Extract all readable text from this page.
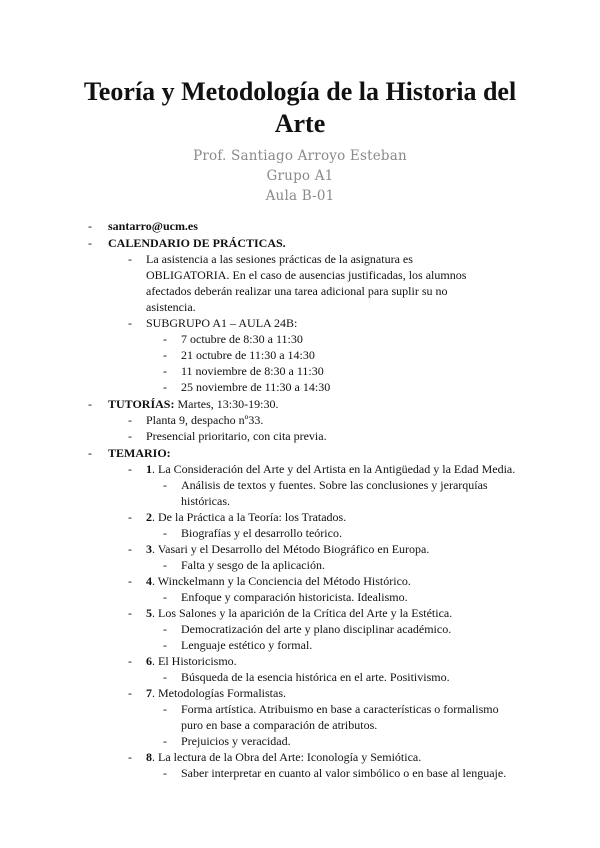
Teoría y Metodología de la Historia del Arte
Prof. Santiago Arroyo Esteban
Grupo A1
Aula B-01
- santarro@ucm.es
- CALENDARIO DE PRÁCTICAS.
- La asistencia a las sesiones prácticas de la asignatura es OBLIGATORIA. En el caso de ausencias justificadas, los alumnos afectados deberán realizar una tarea adicional para suplir su no asistencia.
- SUBGRUPO A1 – AULA 24B:
- 7 octubre de 8:30 a 11:30
- 21 octubre de 11:30 a 14:30
- 11 noviembre de 8:30 a 11:30
- 25 noviembre de 11:30 a 14:30
- TUTORÍAS: Martes, 13:30-19:30.
- Planta 9, despacho nº33.
- Presencial prioritario, con cita previa.
- TEMARIO:
- 1. La Consideración del Arte y del Artista en la Antigüedad y la Edad Media.
- Análisis de textos y fuentes. Sobre las conclusiones y jerarquías históricas.
- 2. De la Práctica a la Teoría: los Tratados.
- Biografías y el desarrollo teórico.
- 3. Vasari y el Desarrollo del Método Biográfico en Europa.
- Falta y sesgo de la aplicación.
- 4. Winckelmann y la Conciencia del Método Histórico.
- Enfoque y comparación historicista. Idealismo.
- 5. Los Salones y la aparición de la Crítica del Arte y la Estética.
- Democratización del arte y plano disciplinar académico.
- Lenguaje estético y formal.
- 6. El Historicismo.
- Búsqueda de la esencia histórica en el arte. Positivismo.
- 7. Metodologías Formalistas.
- Forma artística. Atribuismo en base a características o formalismo puro en base a comparación de atributos.
- Prejuicios y veracidad.
- 8. La lectura de la Obra del Arte: Iconología y Semiótica.
- Saber interpretar en cuanto al valor simbólico o en base al lenguaje.
